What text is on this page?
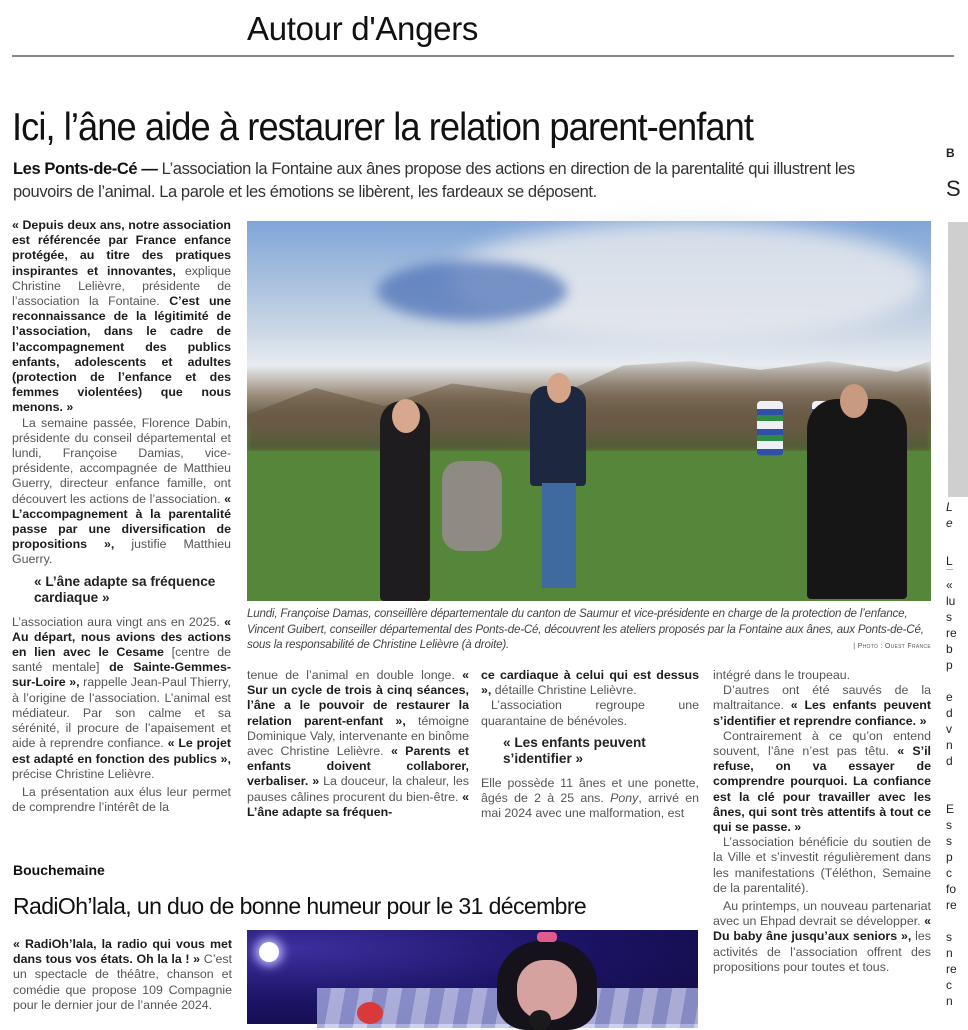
Autour d'Angers
Ici, l’âne aide à restaurer la relation parent-enfant
Les Ponts-de-Cé — L’association la Fontaine aux ânes propose des actions en direction de la parentalité qui illustrent les pouvoirs de l’animal. La parole et les émotions se libèrent, les fardeaux se déposent.

« Depuis deux ans, notre association est référencée par France enfance protégée, au titre des pratiques inspirantes et innovantes, explique Christine Lelièvre, présidente de l’association la Fontaine. C’est une reconnaissance de la légitimité de l’association, dans le cadre de l’accompagnement des publics enfants, adolescents et adultes (protection de l’enfance et des femmes violentées) que nous menons. »

La semaine passée, Florence Dabin, présidente du conseil départemental et lundi, Françoise Damias, vice-présidente, accompagnée de Matthieu Guerry, directeur enfance famille, ont découvert les actions de l’association. « L’accompagnement à la parentalité passe par une diversification de propositions », justifie Matthieu Guerry.

« L’âne adapte sa fréquence cardiaque »

L’association aura vingt ans en 2025. « Au départ, nous avions des actions en lien avec le Cesame [centre de santé mentale] de Sainte-Gemmes-sur-Loire », rappelle Jean-Paul Thierry, à l’origine de l’association. L’animal est médiateur. Par son calme et sa sérénité, il procure de l’apaisement et aide à reprendre confiance. « Le projet est adapté en fonction des publics », précise Christine Lelièvre.

La présentation aux élus leur permet de comprendre l’intérêt de la

Lundi, Françoise Damas, conseillère départementale du canton de Saumur et vice-présidente en charge de la protection de l’enfance, Vincent Guibert, conseiller départemental des Ponts-de-Cé, découvrent les ateliers proposés par la Fontaine aux ânes, aux Ponts-de-Cé, sous la responsabilité de Christine Lelièvre (à droite).	| Photo : Ouest France

tenue de l’animal en double longe. « Sur un cycle de trois à cinq séances, l’âne a le pouvoir de restaurer la relation parent-enfant », témoigne Dominique Valy, intervenante en binôme avec Christine Lelièvre. « Parents et enfants doivent collaborer, verbaliser. » La douceur, la chaleur, les pauses câlines procurent du bien-être. « L’âne adapte sa fréquen-

ce cardiaque à celui qui est dessus », détaille Christine Lelièvre.

L’association regroupe une quarantaine de bénévoles.

« Les enfants peuvent s’identifier »

Elle possède 11 ânes et une ponette, âgés de 2 à 25 ans. Pony, arrivé en mai 2024 avec une malformation, est

intégré dans le troupeau.

D’autres ont été sauvés de la maltraitance. « Les enfants peuvent s’identifier et reprendre confiance. »

Contrairement à ce qu’on entend souvent, l’âne n’est pas têtu. « S’il refuse, on va essayer de comprendre pourquoi. La confiance est la clé pour travailler avec les ânes, qui sont très attentifs à tout ce qui se passe. »

L’association bénéficie du soutien de la Ville et s’investit régulièrement dans les manifestations (Téléthon, Semaine de la parentalité).

Au printemps, un nouveau partenariat avec un Ehpad devrait se développer. « Du baby âne jusqu’aux seniors », les activités de l’association offrent des propositions pour toutes et tous.

Bouchemaine
RadiOh’lala, un duo de bonne humeur pour le 31 décembre
« RadiOh’lala, la radio qui vous met dans tous vos états. Oh la la ! » C’est un spectacle de théâtre, chanson et comédie que propose 109 Compagnie pour le dernier jour de l’année 2024.
B
S
L
e
L
«
lu
s
re
b
p
e
d
v
n
d
E
s
s
p
c
fo
re
s
n
re
c
n
